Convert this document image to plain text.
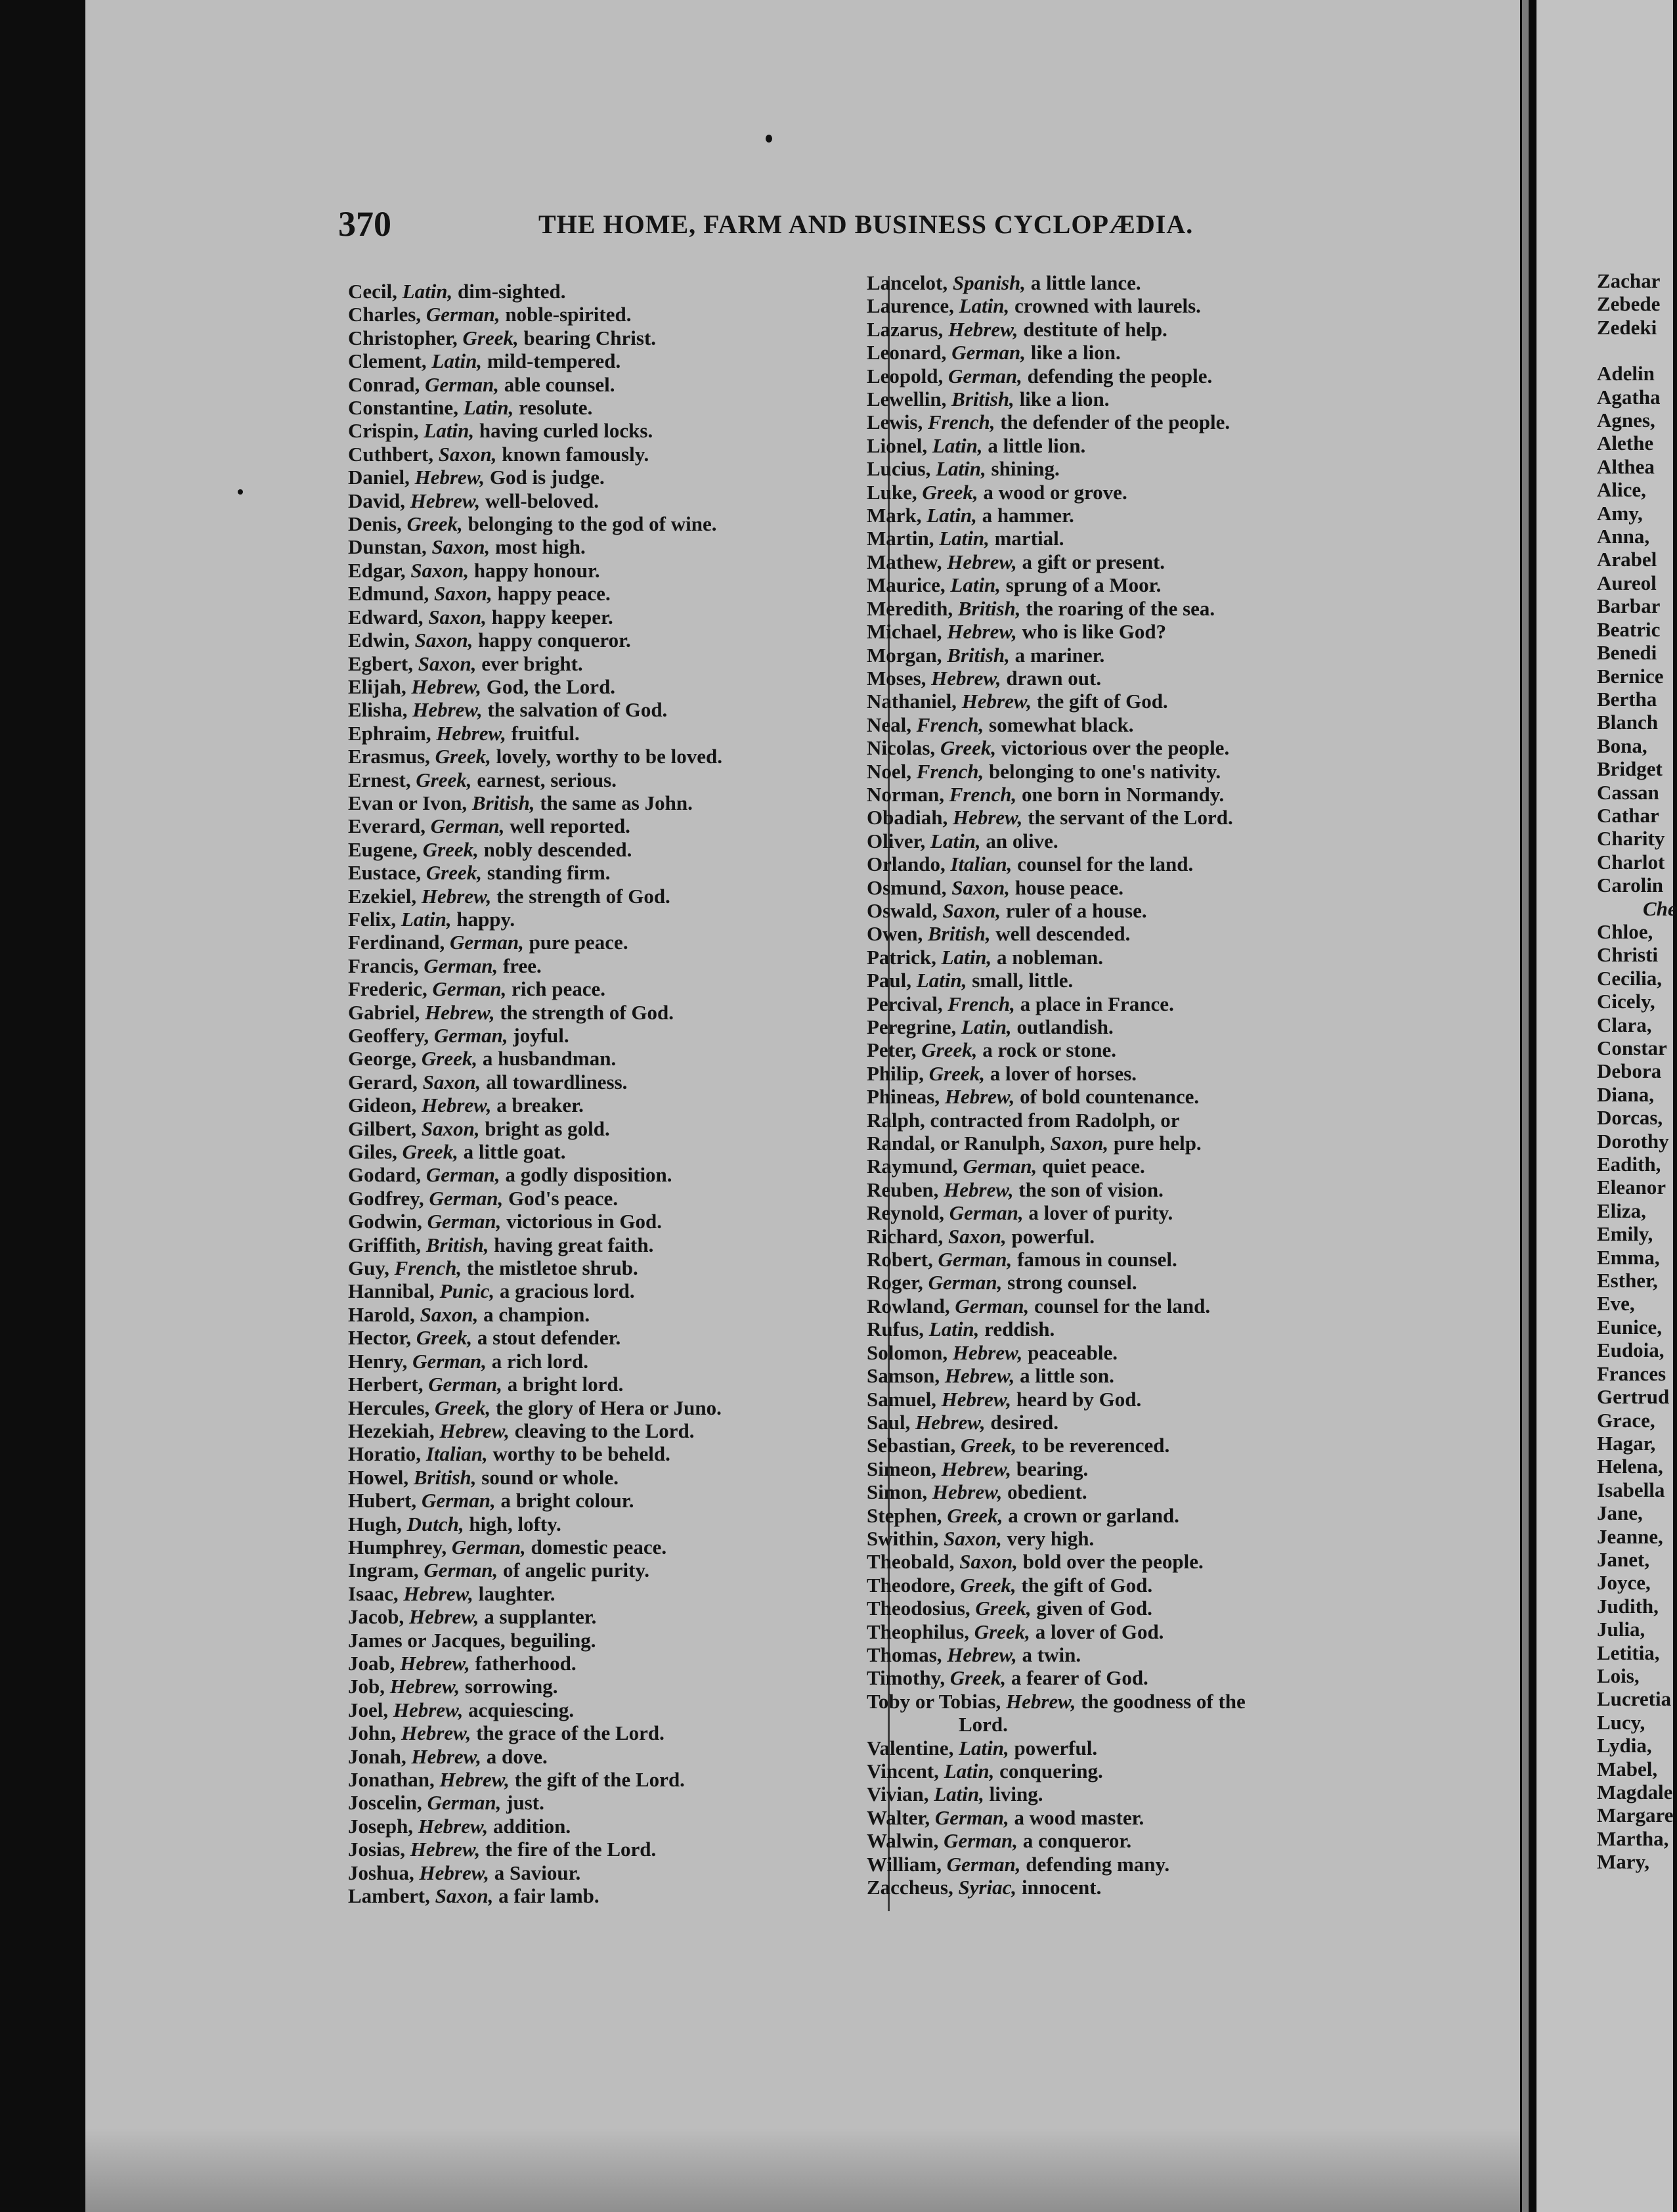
370	THE HOME, FARM AND BUSINESS CYCLOPÆDIA.
Cecil, Latin, dim-sighted.
Charles, German, noble-spirited.
Christopher, Greek, bearing Christ.
Clement, Latin, mild-tempered.
Conrad, German, able counsel.
Constantine, Latin, resolute.
Crispin, Latin, having curled locks.
Cuthbert, Saxon, known famously.
Daniel, Hebrew, God is judge.
David, Hebrew, well-beloved.
Denis, Greek, belonging to the god of wine.
Dunstan, Saxon, most high.
Edgar, Saxon, happy honour.
Edmund, Saxon, happy peace.
Edward, Saxon, happy keeper.
Edwin, Saxon, happy conqueror.
Egbert, Saxon, ever bright.
Elijah, Hebrew, God, the Lord.
Elisha, Hebrew, the salvation of God.
Ephraim, Hebrew, fruitful.
Erasmus, Greek, lovely, worthy to be loved.
Ernest, Greek, earnest, serious.
Evan or Ivon, British, the same as John.
Everard, German, well reported.
Eugene, Greek, nobly descended.
Eustace, Greek, standing firm.
Ezekiel, Hebrew, the strength of God.
Felix, Latin, happy.
Ferdinand, German, pure peace.
Francis, German, free.
Frederic, German, rich peace.
Gabriel, Hebrew, the strength of God.
Geoffery, German, joyful.
George, Greek, a husbandman.
Gerard, Saxon, all towardliness.
Gideon, Hebrew, a breaker.
Gilbert, Saxon, bright as gold.
Giles, Greek, a little goat.
Godard, German, a godly disposition.
Godfrey, German, God's peace.
Godwin, German, victorious in God.
Griffith, British, having great faith.
Guy, French, the mistletoe shrub.
Hannibal, Punic, a gracious lord.
Harold, Saxon, a champion.
Hector, Greek, a stout defender.
Henry, German, a rich lord.
Herbert, German, a bright lord.
Hercules, Greek, the glory of Hera or Juno.
Hezekiah, Hebrew, cleaving to the Lord.
Horatio, Italian, worthy to be beheld.
Howel, British, sound or whole.
Hubert, German, a bright colour.
Hugh, Dutch, high, lofty.
Humphrey, German, domestic peace.
Ingram, German, of angelic purity.
Isaac, Hebrew, laughter.
Jacob, Hebrew, a supplanter.
James or Jacques, beguiling.
Joab, Hebrew, fatherhood.
Job, Hebrew, sorrowing.
Joel, Hebrew, acquiescing.
John, Hebrew, the grace of the Lord.
Jonah, Hebrew, a dove.
Jonathan, Hebrew, the gift of the Lord.
Joscelin, German, just.
Joseph, Hebrew, addition.
Josias, Hebrew, the fire of the Lord.
Joshua, Hebrew, a Saviour.
Lambert, Saxon, a fair lamb.
Lancelot, Spanish, a little lance.
Laurence, Latin, crowned with laurels.
Lazarus, Hebrew, destitute of help.
Leonard, German, like a lion.
Leopold, German, defending the people.
Lewellin, British, like a lion.
Lewis, French, the defender of the people.
Lionel, Latin, a little lion.
Lucius, Latin, shining.
Luke, Greek, a wood or grove.
Mark, Latin, a hammer.
Martin, Latin, martial.
Mathew, Hebrew, a gift or present.
Maurice, Latin, sprung of a Moor.
Meredith, British, the roaring of the sea.
Michael, Hebrew, who is like God?
Morgan, British, a mariner.
Moses, Hebrew, drawn out.
Nathaniel, Hebrew, the gift of God.
Neal, French, somewhat black.
Nicolas, Greek, victorious over the people.
Noel, French, belonging to one's nativity.
Norman, French, one born in Normandy.
Obadiah, Hebrew, the servant of the Lord.
Oliver, Latin, an olive.
Orlando, Italian, counsel for the land.
Osmund, Saxon, house peace.
Oswald, Saxon, ruler of a house.
Owen, British, well descended.
Patrick, Latin, a nobleman.
Paul, Latin, small, little.
Percival, French, a place in France.
Peregrine, Latin, outlandish.
Peter, Greek, a rock or stone.
Philip, Greek, a lover of horses.
Phineas, Hebrew, of bold countenance.
Ralph, contracted from Radolph, or
Randal, or Ranulph, Saxon, pure help.
Raymund, German, quiet peace.
Reuben, Hebrew, the son of vision.
Reynold, German, a lover of purity.
Richard, Saxon, powerful.
Robert, German, famous in counsel.
Roger, German, strong counsel.
Rowland, German, counsel for the land.
Rufus, Latin, reddish.
Solomon, Hebrew, peaceable.
Samson, Hebrew, a little son.
Samuel, Hebrew, heard by God.
Saul, Hebrew, desired.
Sebastian, Greek, to be reverenced.
Simeon, Hebrew, bearing.
Simon, Hebrew, obedient.
Stephen, Greek, a crown or garland.
Swithin, Saxon, very high.
Theobald, Saxon, bold over the people.
Theodore, Greek, the gift of God.
Theodosius, Greek, given of God.
Theophilus, Greek, a lover of God.
Thomas, Hebrew, a twin.
Timothy, Greek, a fearer of God.
Toby or Tobias, Hebrew, the goodness of the
Lord.
Valentine, Latin, powerful.
Vincent, Latin, conquering.
Vivian, Latin, living.
Walter, German, a wood master.
Walwin, German, a conqueror.
William, German, defending many.
Zaccheus, Syriac, innocent.
Zachar
Zebede
Zedeki
Adelin
Agatha
Agnes,
Alethe
Althea
Alice,
Amy,
Anna,
Arabel
Aureol
Barbar
Beatric
Benedi
Bernice
Bertha
Blanch
Bona,
Bridget
Cassan
Cathar
Charity
Charlot
Carolin
Che
Chloe,
Christi
Cecilia,
Cicely,
Clara,
Constar
Debora
Diana,
Dorcas,
Dorothy
Eadith,
Eleanor
Eliza,
Emily,
Emma,
Esther,
Eve,
Eunice,
Eudoia,
Frances
Gertrud
Grace,
Hagar,
Helena,
Isabella
Jane,
Jeanne,
Janet,
Joyce,
Judith,
Julia,
Letitia,
Lois,
Lucretia
Lucy,
Lydia,
Mabel,
Magdale
Margare
Martha,
Mary,
